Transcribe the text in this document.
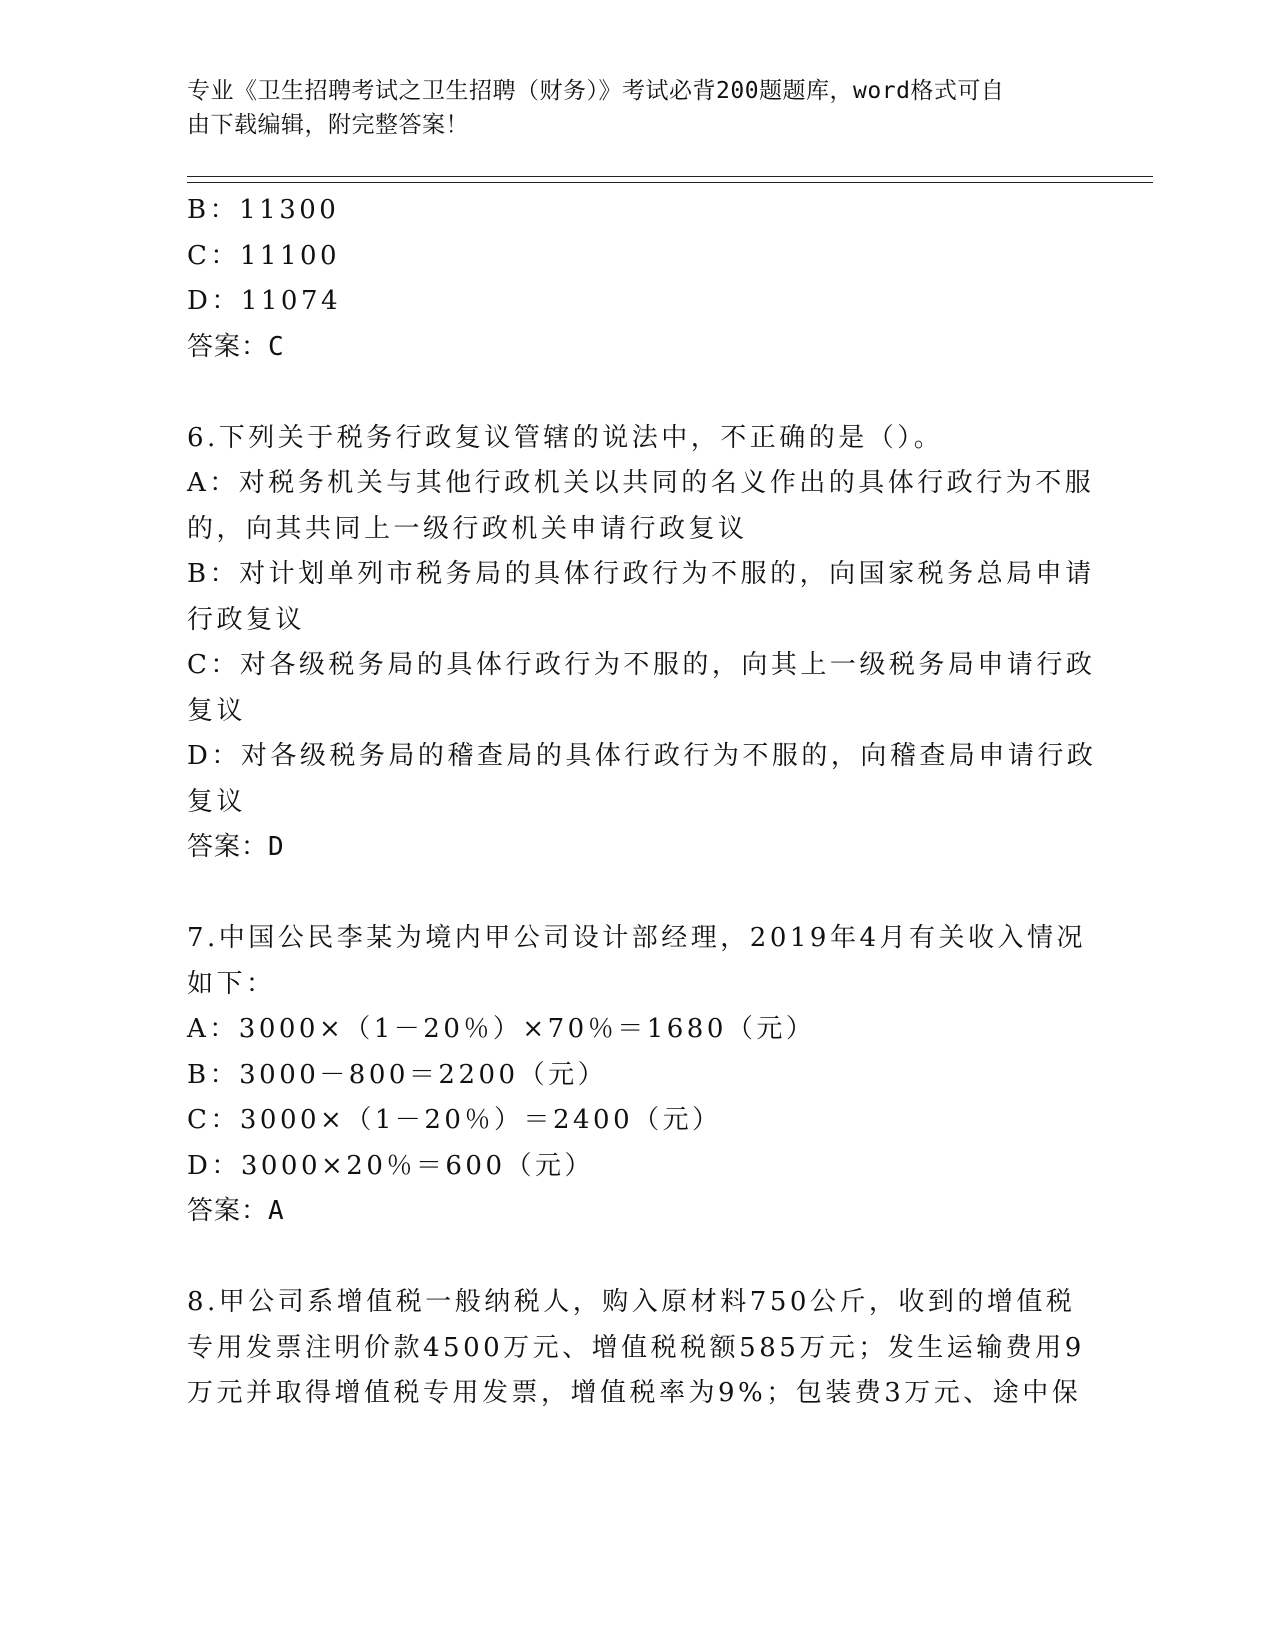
专业《卫生招聘考试之卫生招聘（财务）》考试必背200题题库，word格式可自
由下载编辑，附完整答案！
B：11300
C：11100
D：11074
答案：C
6.下列关于税务行政复议管辖的说法中，不正确的是（）。
A：对税务机关与其他行政机关以共同的名义作出的具体行政行为不服
的，向其共同上一级行政机关申请行政复议
B：对计划单列市税务局的具体行政行为不服的，向国家税务总局申请
行政复议
C：对各级税务局的具体行政行为不服的，向其上一级税务局申请行政
复议
D：对各级税务局的稽查局的具体行政行为不服的，向稽查局申请行政
复议
答案：D
7.中国公民李某为境内甲公司设计部经理，2019年4月有关收入情况
如下：
A：3000×（1－20％）×70％＝1680（元）
B：3000－800＝2200（元）
C：3000×（1－20％）＝2400（元）
D：3000×20％＝600（元）
答案：A
8.甲公司系增值税一般纳税人，购入原材料750公斤，收到的增值税
专用发票注明价款4500万元、增值税税额585万元；发生运输费用9
万元并取得增值税专用发票，增值税率为9%；包装费3万元、途中保
